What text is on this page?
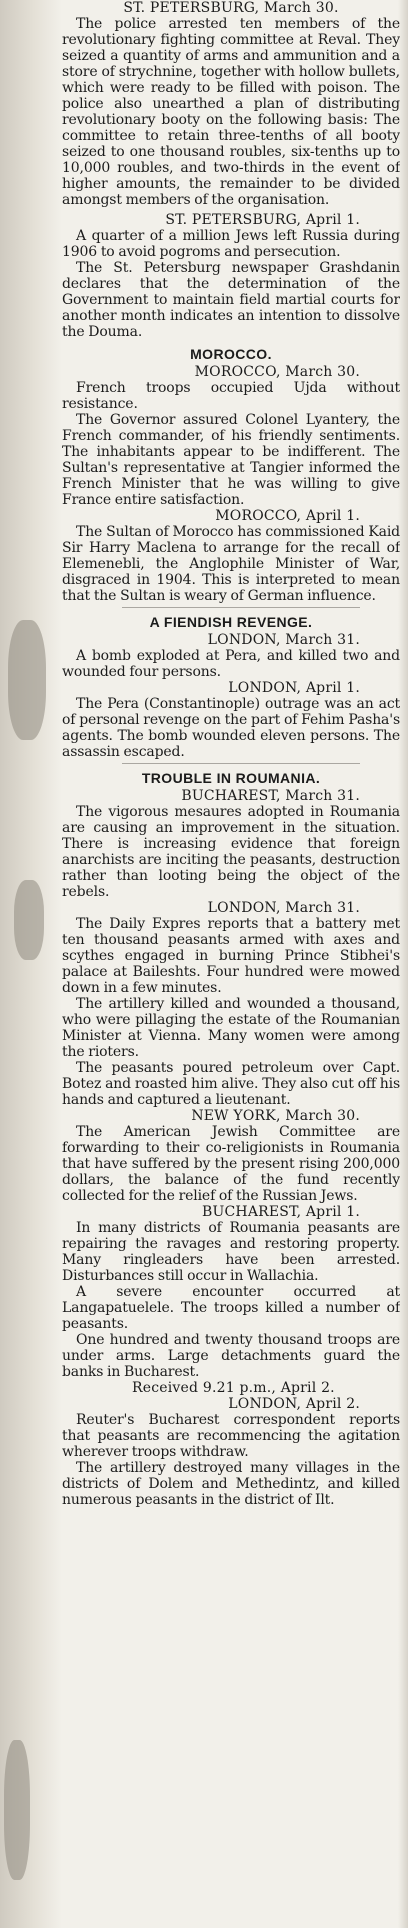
ST. PETERSBURG, March 30.

The police arrested ten members of the revolutionary fighting committee at Reval. They seized a quantity of arms and ammunition and a store of strychnine, together with hollow bullets, which were ready to be filled with poison. The police also unearthed a plan of distributing revolutionary booty on the following basis: The committee to retain three-tenths of all booty seized to one thousand roubles, six-tenths up to 10,000 roubles, and two-thirds in the event of higher amounts, the remainder to be divided amongst members of the organisation.

ST. PETERSBURG, April 1.

A quarter of a million Jews left Russia during 1906 to avoid pogroms and persecution.

The St. Petersburg newspaper Grashdanin declares that the determination of the Government to maintain field martial courts for another month indicates an intention to dissolve the Douma.

MOROCCO.

MOROCCO, March 30.

French troops occupied Ujda without resistance.

The Governor assured Colonel Lyantery, the French commander, of his friendly sentiments. The inhabitants appear to be indifferent. The Sultan's representative at Tangier informed the French Minister that he was willing to give France entire satisfaction.

MOROCCO, April 1.

The Sultan of Morocco has commissioned Kaid Sir Harry Maclena to arrange for the recall of Elemenebli, the Anglophile Minister of War, disgraced in 1904. This is interpreted to mean that the Sultan is weary of German influence.

A FIENDISH REVENGE.

LONDON, March 31.

A bomb exploded at Pera, and killed two and wounded four persons.

LONDON, April 1.

The Pera (Constantinople) outrage was an act of personal revenge on the part of Fehim Pasha's agents. The bomb wounded eleven persons. The assassin escaped.

TROUBLE IN ROUMANIA.

BUCHAREST, March 31.

The vigorous mesaures adopted in Roumania are causing an improvement in the situation. There is increasing evidence that foreign anarchists are inciting the peasants, destruction rather than looting being the object of the rebels.

LONDON, March 31.

The Daily Expres reports that a battery met ten thousand peasants armed with axes and scythes engaged in burning Prince Stibhei's palace at Baileshts. Four hundred were mowed down in a few minutes.

The artillery killed and wounded a thousand, who were pillaging the estate of the Roumanian Minister at Vienna. Many women were among the rioters.

The peasants poured petroleum over Capt. Botez and roasted him alive. They also cut off his hands and captured a lieutenant.

NEW YORK, March 30.

The American Jewish Committee are forwarding to their co-religionists in Roumania that have suffered by the present rising 200,000 dollars, the balance of the fund recently collected for the relief of the Russian Jews.

BUCHAREST, April 1.

In many districts of Roumania peasants are repairing the ravages and restoring property. Many ringleaders have been arrested. Disturbances still occur in Wallachia.

A severe encounter occurred at Langapatuelele. The troops killed a number of peasants.

One hundred and twenty thousand troops are under arms. Large detachments guard the banks in Bucharest.

Received 9.21 p.m., April 2.

LONDON, April 2.

Reuter's Bucharest correspondent reports that peasants are recommencing the agitation wherever troops withdraw.

The artillery destroyed many villages in the districts of Dolem and Methedintz, and killed numerous peasants in the district of Ilt.
